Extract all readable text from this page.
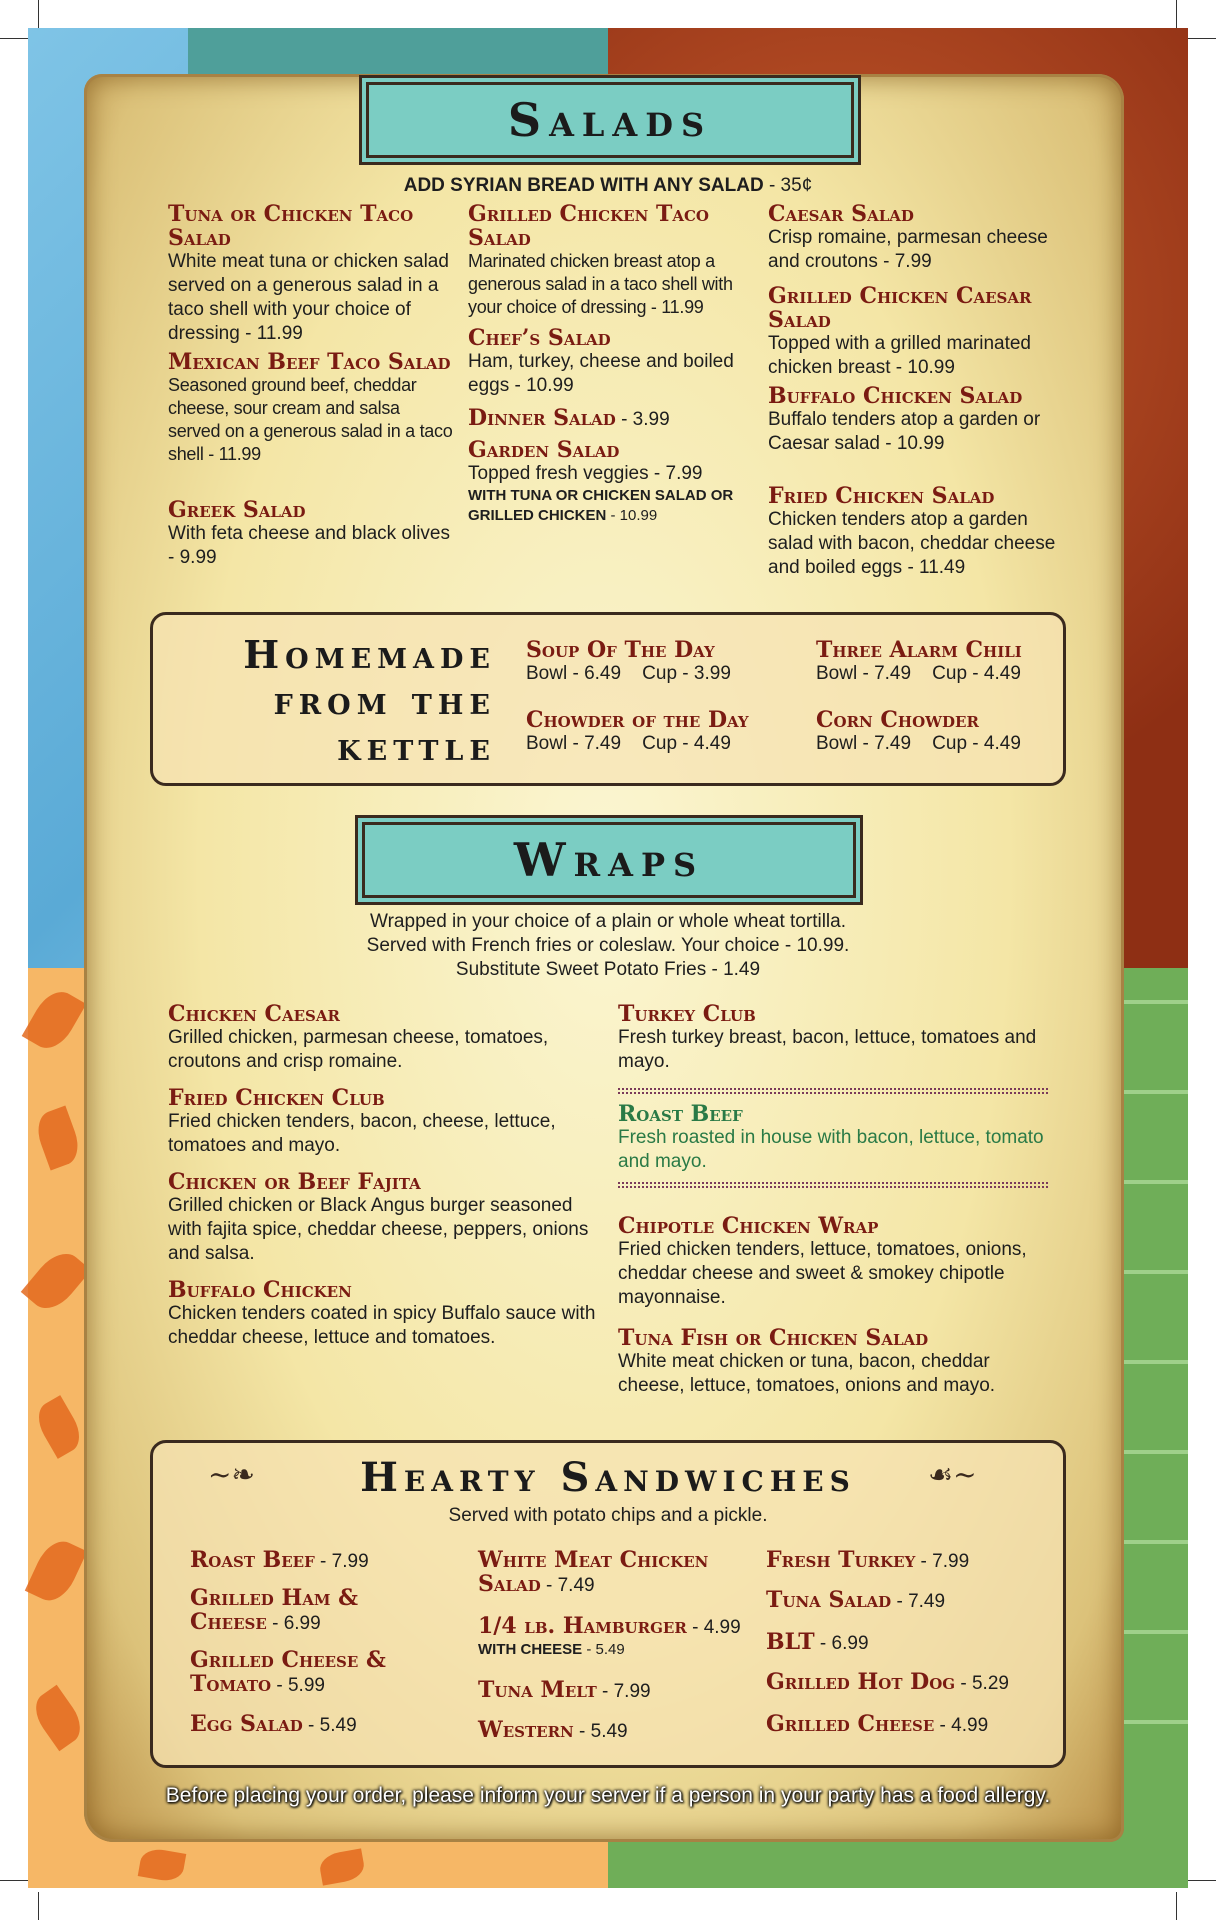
Salads
ADD SYRIAN BREAD WITH ANY SALAD - 35¢

Tuna or Chicken Taco Salad

White meat tuna or chicken salad served on a generous salad in a taco shell with your choice of dressing - 11.99

Mexican Beef Taco Salad

Seasoned ground beef, cheddar cheese, sour cream and salsa served on a generous salad in a taco shell - 11.99

Greek Salad

With feta cheese and black olives - 9.99

Grilled Chicken Taco Salad

Marinated chicken breast atop a generous salad in a taco shell with your choice of dressing - 11.99

Chef’s Salad

Ham, turkey, cheese and boiled eggs - 10.99

Dinner Salad - 3.99

Garden Salad

Topped fresh veggies - 7.99

WITH TUNA OR CHICKEN SALAD OR GRILLED CHICKEN - 10.99

Caesar Salad

Crisp romaine, parmesan cheese and croutons - 7.99

Grilled Chicken Caesar Salad

Topped with a grilled marinated chicken breast - 10.99

Buffalo Chicken Salad

Buffalo tenders atop a garden or Caesar salad - 10.99

Fried Chicken Salad

Chicken tenders atop a garden salad with bacon, cheddar cheese and boiled eggs - 11.49

Homemade
from the
kettle

Soup Of The Day

Bowl - 6.49 Cup - 3.99

Chowder of the Day

Bowl - 7.49 Cup - 4.49

Three Alarm Chili

Bowl - 7.49 Cup - 4.49

Corn Chowder

Bowl - 7.49 Cup - 4.49

Wraps
Wrapped in your choice of a plain or whole wheat tortilla.
Served with French fries or coleslaw. Your choice - 10.99.
Substitute Sweet Potato Fries - 1.49

Chicken Caesar

Grilled chicken, parmesan cheese, tomatoes, croutons and crisp romaine.

Fried Chicken Club

Fried chicken tenders, bacon, cheese, lettuce, tomatoes and mayo.

Chicken or Beef Fajita

Grilled chicken or Black Angus burger seasoned with fajita spice, cheddar cheese, peppers, onions and salsa.

Buffalo Chicken

Chicken tenders coated in spicy Buffalo sauce with cheddar cheese, lettuce and tomatoes.

Turkey Club

Fresh turkey breast, bacon, lettuce, tomatoes and mayo.

Roast Beef

Fresh roasted in house with bacon, lettuce, tomato and mayo.

Chipotle Chicken Wrap

Fried chicken tenders, lettuce, tomatoes, onions, cheddar cheese and sweet & smokey chipotle mayonnaise.

Tuna Fish or Chicken Salad

White meat chicken or tuna, bacon, cheddar cheese, lettuce, tomatoes, onions and mayo.

~❧	☙~
Hearty Sandwiches
Served with potato chips and a pickle.

Roast Beef - 7.99

Grilled Ham & Cheese - 6.99

Grilled Cheese & Tomato - 5.99

Egg Salad - 5.49

White Meat Chicken Salad - 7.49

1/4 lb. Hamburger - 4.99

WITH CHEESE - 5.49

Tuna Melt - 7.99

Western - 5.49

Fresh Turkey - 7.99

Tuna Salad - 7.49

BLT - 6.99

Grilled Hot Dog - 5.29

Grilled Cheese - 4.99

Before placing your order, please inform your server if a person in your party has a food allergy.
